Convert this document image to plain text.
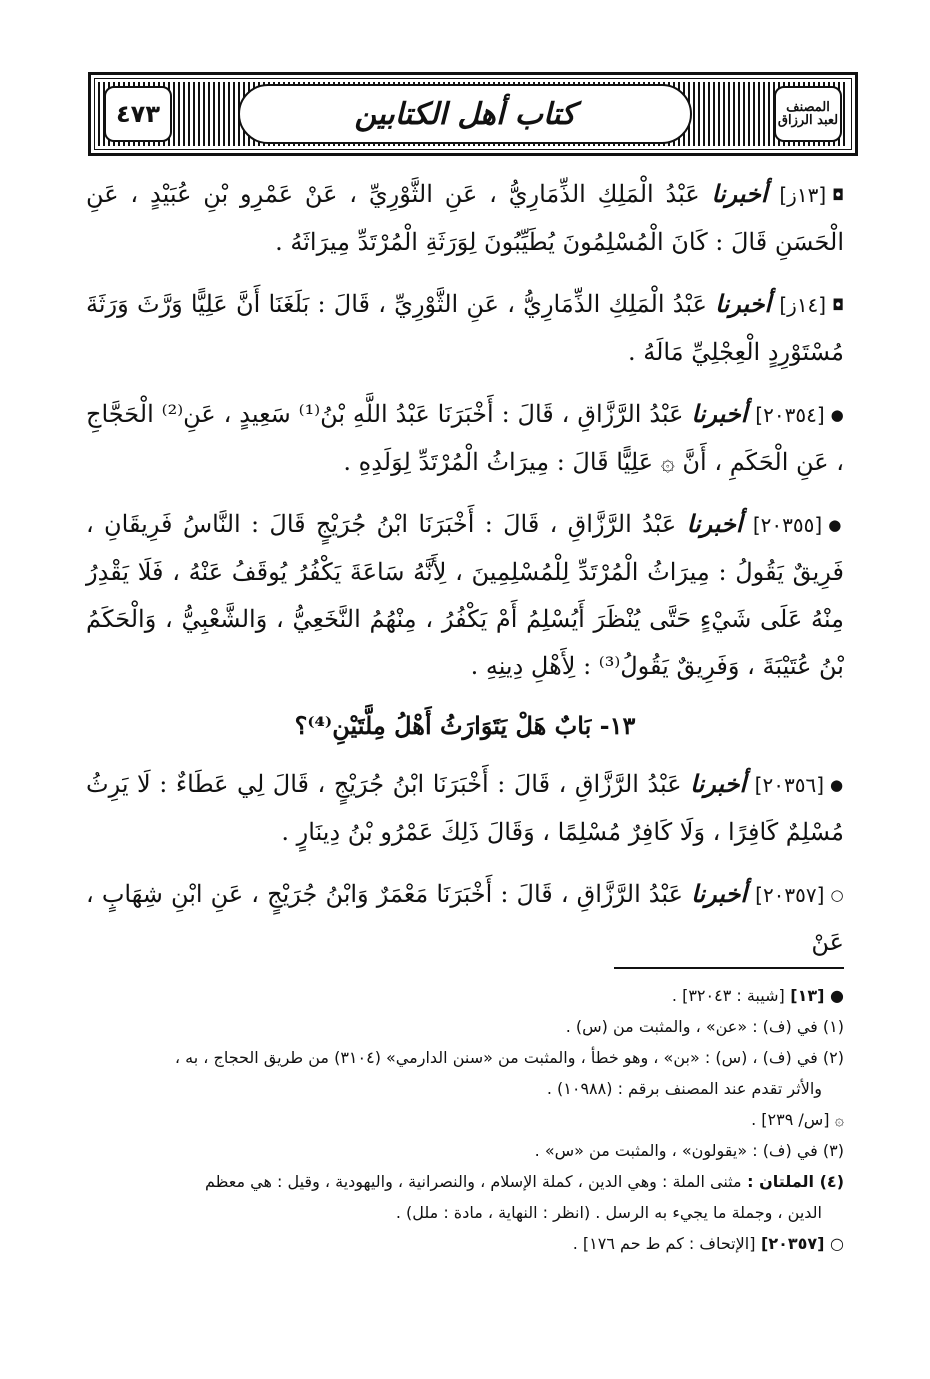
المصنف
لعبد الرزاق
كتاب أهل الكتابين
٤٧٣

◘[١٣ز] أخبرنا عَبْدُ الْمَلِكِ الذِّمَارِيُّ ، عَنِ الثَّوْرِيِّ ، عَنْ عَمْرِو بْنِ عُبَيْدٍ ، عَنِ الْحَسَنِ قَالَ : كَانَ الْمُسْلِمُونَ يُطَيِّبُونَ لِوَرَثَةِ الْمُرْتَدِّ مِيرَاثَهُ .

◘[١٤ز] أخبرنا عَبْدُ الْمَلِكِ الذِّمَارِيُّ ، عَنِ الثَّوْرِيِّ ، قَالَ : بَلَغَنَا أَنَّ عَلِيًّا وَرَّثَ وَرَثَةَ مُسْتَوْرِدٍ الْعِجْلِيِّ مَالَهُ .

●[٢٠٣٥٤] أخبرنا عَبْدُ الرَّزَّاقِ ، قَالَ : أَخْبَرَنَا عَبْدُ اللَّهِ بْنُ⁽¹⁾ سَعِيدٍ ، عَنِ⁽²⁾ الْحَجَّاجِ ، عَنِ الْحَكَمِ ، أَنَّ ۞ عَلِيًّا قَالَ : مِيرَاثُ الْمُرْتَدِّ لِوَلَدِهِ .

●[٢٠٣٥٥] أخبرنا عَبْدُ الرَّزَّاقِ ، قَالَ : أَخْبَرَنَا ابْنُ جُرَيْجٍ قَالَ : النَّاسُ فَرِيقَانِ ، فَرِيقٌ يَقُولُ : مِيرَاثُ الْمُرْتَدِّ لِلْمُسْلِمِينَ ، لِأَنَّهُ سَاعَةَ يَكْفُرُ يُوقَفُ عَنْهُ ، فَلَا يَقْدِرُ مِنْهُ عَلَى شَيْءٍ حَتَّى يُنْظَرَ أَيُسْلِمُ أَمْ يَكْفُرُ ، مِنْهُمُ النَّخَعِيُّ ، وَالشَّعْبِيُّ ، وَالْحَكَمُ بْنُ عُتَيْبَةَ ، وَفَرِيقٌ يَقُولُ⁽³⁾ : لِأَهْلِ دِينِهِ .

١٣- بَابٌ هَلْ يَتَوَارَثُ أَهْلُ مِلَّتَيْنِ⁽⁴⁾؟

●[٢٠٣٥٦] أخبرنا عَبْدُ الرَّزَّاقِ ، قَالَ : أَخْبَرَنَا ابْنُ جُرَيْجٍ ، قَالَ لِي عَطَاءٌ : لَا يَرِثُ مُسْلِمٌ كَافِرًا ، وَلَا كَافِرٌ مُسْلِمًا ، وَقَالَ ذَلِكَ عَمْرُو بْنُ دِينَارٍ .

○[٢٠٣٥٧] أخبرنا عَبْدُ الرَّزَّاقِ ، قَالَ : أَخْبَرَنَا مَعْمَرٌ وَابْنُ جُرَيْجٍ ، عَنِ ابْنِ شِهَابٍ ، عَنْ

● [١٣] [شيبة : ٣٢٠٤٣] .

(١) في (ف) : «عن» ، والمثبت من (س) .

(٢) في (ف) ، (س) : «بن» ، وهو خطأ ، والمثبت من «سنن الدارمي» (٣١٠٤) من طريق الحجاج ، به ،

والأثر تقدم عند المصنف برقم : (١٠٩٨٨) .

۞ [س/ ٢٣٩] .

(٣) في (ف) : «يقولون» ، والمثبت من «س» .

(٤) الملتان : مثنى الملة : وهي الدين ، كملة الإسلام ، والنصرانية ، واليهودية ، وقيل : هي معظم

الدين ، وجملة ما يجيء به الرسل . (انظر : النهاية ، مادة : ملل) .

○ [٢٠٣٥٧] [الإتحاف : كم ط حم ١٧٦] .
